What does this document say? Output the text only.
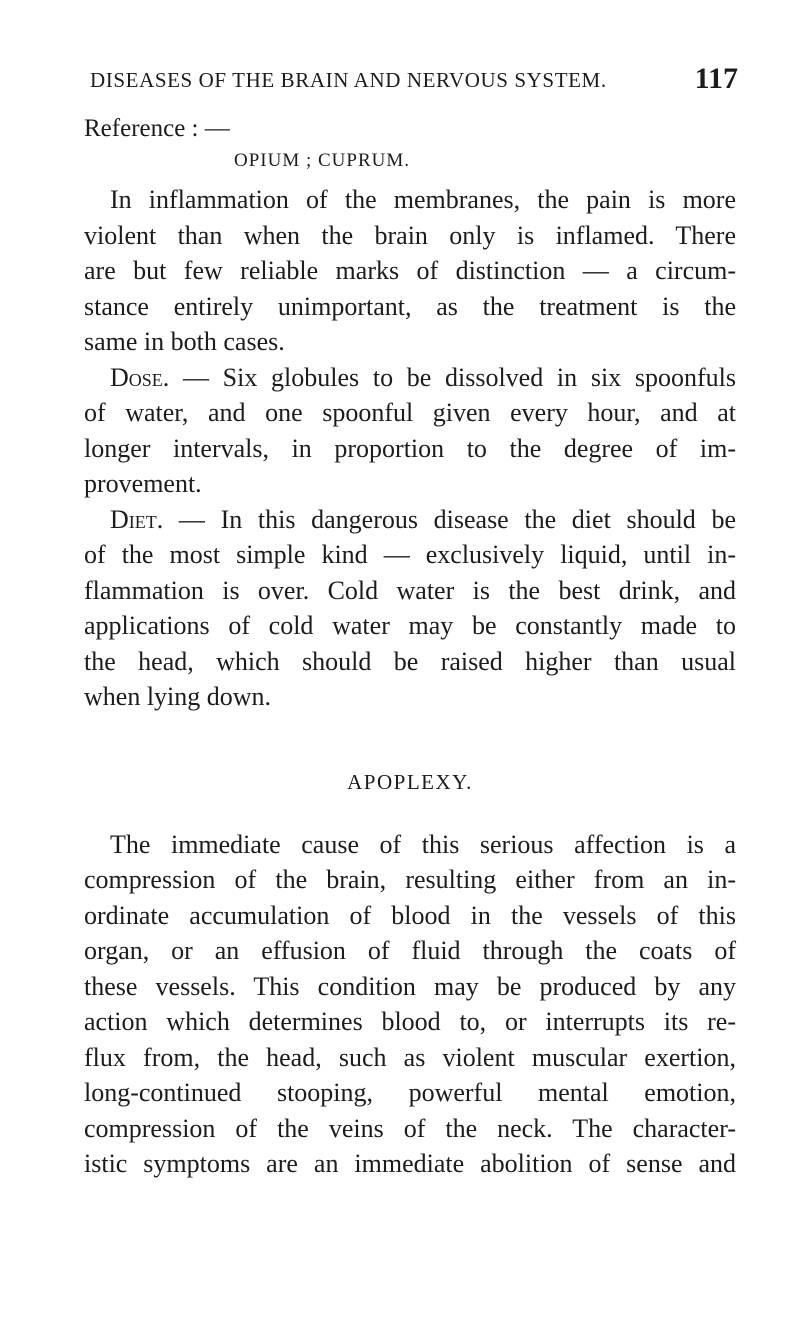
DISEASES OF THE BRAIN AND NERVOUS SYSTEM.	117

Reference : —

OPIUM ; CUPRUM.

In inflammation of the membranes, the pain is more
violent than when the brain only is inflamed. There
are but few reliable marks of distinction — a circum-
stance entirely unimportant, as the treatment is the
same in both cases.
Dose. — Six globules to be dissolved in six spoonfuls
of water, and one spoonful given every hour, and at
longer intervals, in proportion to the degree of im-
provement.
Diet. — In this dangerous disease the diet should be
of the most simple kind — exclusively liquid, until in-
flammation is over. Cold water is the best drink, and
applications of cold water may be constantly made to
the head, which should be raised higher than usual
when lying down.
APOPLEXY.
The immediate cause of this serious affection is a
compression of the brain, resulting either from an in-
ordinate accumulation of blood in the vessels of this
organ, or an effusion of fluid through the coats of
these vessels. This condition may be produced by any
action which determines blood to, or interrupts its re-
flux from, the head, such as violent muscular exertion,
long-continued stooping, powerful mental emotion,
compression of the veins of the neck. The character-
istic symptoms are an immediate abolition of sense and
